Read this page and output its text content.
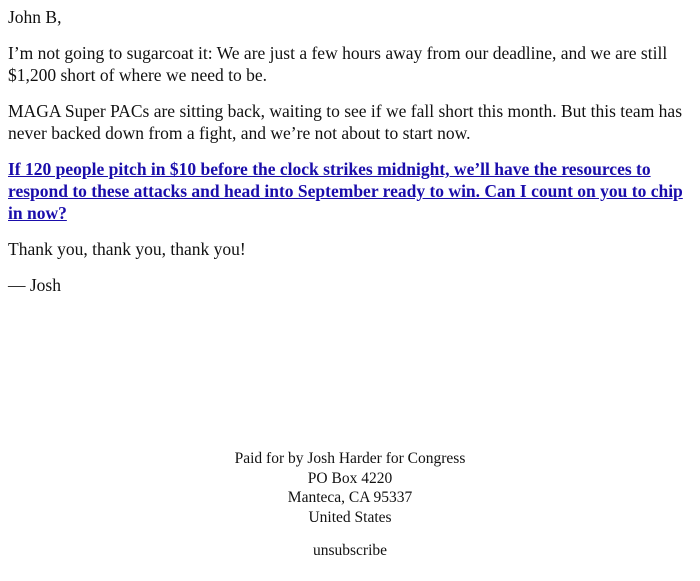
John B,

I’m not going to sugarcoat it: We are just a few hours away from our deadline, and we are still $1,200 short of where we need to be.

MAGA Super PACs are sitting back, waiting to see if we fall short this month. But this team has never backed down from a fight, and we’re not about to start now.

If 120 people pitch in $10 before the clock strikes midnight, we’ll have the resources to respond to these attacks and head into September ready to win. Can I count on you to chip in now?

Thank you, thank you, thank you!

— Josh

Paid for by Josh Harder for Congress
PO Box 4220
Manteca, CA 95337
United States
unsubscribe
